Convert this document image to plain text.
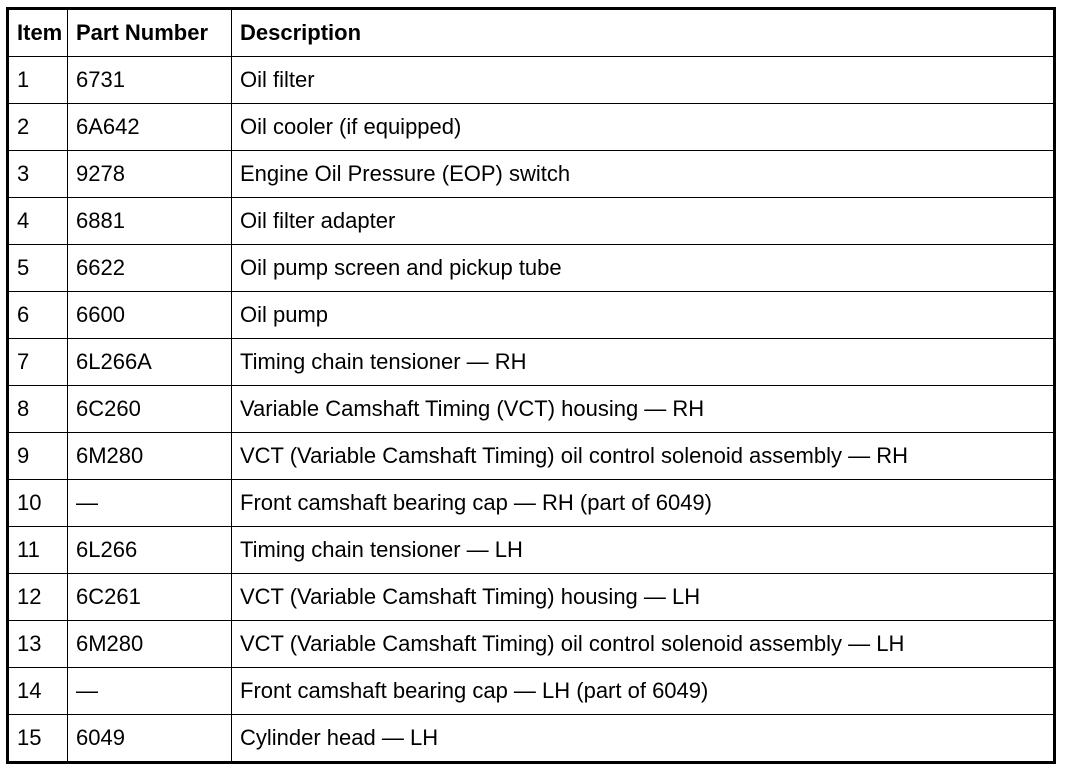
Item	Part Number	Description
1	6731	Oil filter
2	6A642	Oil cooler (if equipped)
3	9278	Engine Oil Pressure (EOP) switch
4	6881	Oil filter adapter
5	6622	Oil pump screen and pickup tube
6	6600	Oil pump
7	6L266A	Timing chain tensioner — RH
8	6C260	Variable Camshaft Timing (VCT) housing — RH
9	6M280	VCT (Variable Camshaft Timing) oil control solenoid assembly — RH
10	—	Front camshaft bearing cap — RH (part of 6049)
11	6L266	Timing chain tensioner — LH
12	6C261	VCT (Variable Camshaft Timing) housing — LH
13	6M280	VCT (Variable Camshaft Timing) oil control solenoid assembly — LH
14	—	Front camshaft bearing cap — LH (part of 6049)
15	6049	Cylinder head — LH
